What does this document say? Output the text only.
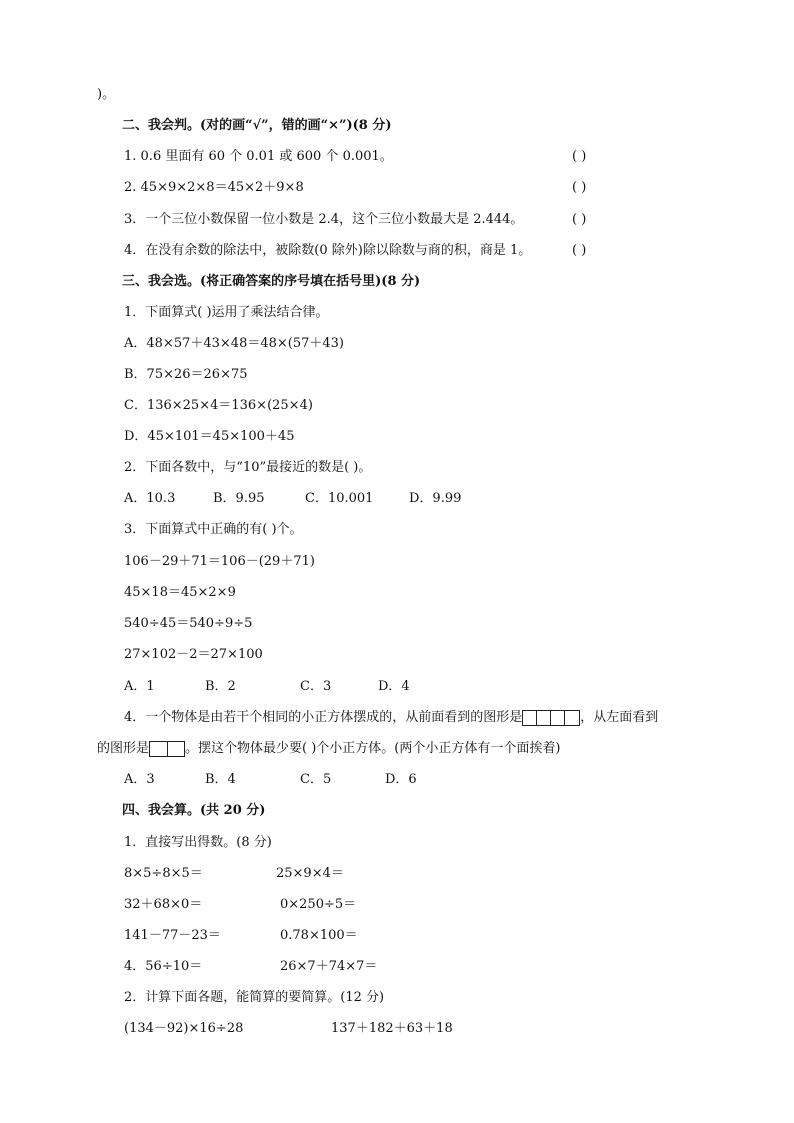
)。
二、我会判。(对的画“√”，错的画“×”)(8 分)
1. 0.6 里面有 60 个 0.01 或 600 个 0.001。	( )
2. 45×9×2×8＝45×2＋9×8	( )
3．一个三位小数保留一位小数是 2.4，这个三位小数最大是 2.444。	( )
4．在没有余数的除法中，被除数(0 除外)除以除数与商的积，商是 1。	( )
三、我会选。(将正确答案的序号填在括号里)(8 分)
1．下面算式( )运用了乘法结合律。
A．48×57＋43×48＝48×(57＋43)
B．75×26＝26×75
C．136×25×4＝136×(25×4)
D．45×101＝45×100＋45
2．下面各数中，与“10”最接近的数是( )。
A．10.3	B．9.95	C．10.001	D．9.99
3．下面算式中正确的有( )个。
106－29＋71＝106－(29＋71)
45×18＝45×2×9
540÷45＝540÷9÷5
27×102－2＝27×100
A．1	B．2	C．3	D．4
4．一个物体是由若干个相同的小正方体摆成的，从前面看到的图形是	，从左面看到
的图形是	。摆这个物体最少要( )个小正方体。(两个小正方体有一个面挨着)
A．3	B．4	C．5	D．6
四、我会算。(共 20 分)
1．直接写出得数。(8 分)
8×5÷8×5＝	25×9×4＝
32＋68×0＝	0×250÷5＝
141－77－23＝	0.78×100＝
4．56÷10＝	26×7＋74×7＝
2．计算下面各题，能简算的要简算。(12 分)
(134－92)×16÷28	137＋182＋63＋18
